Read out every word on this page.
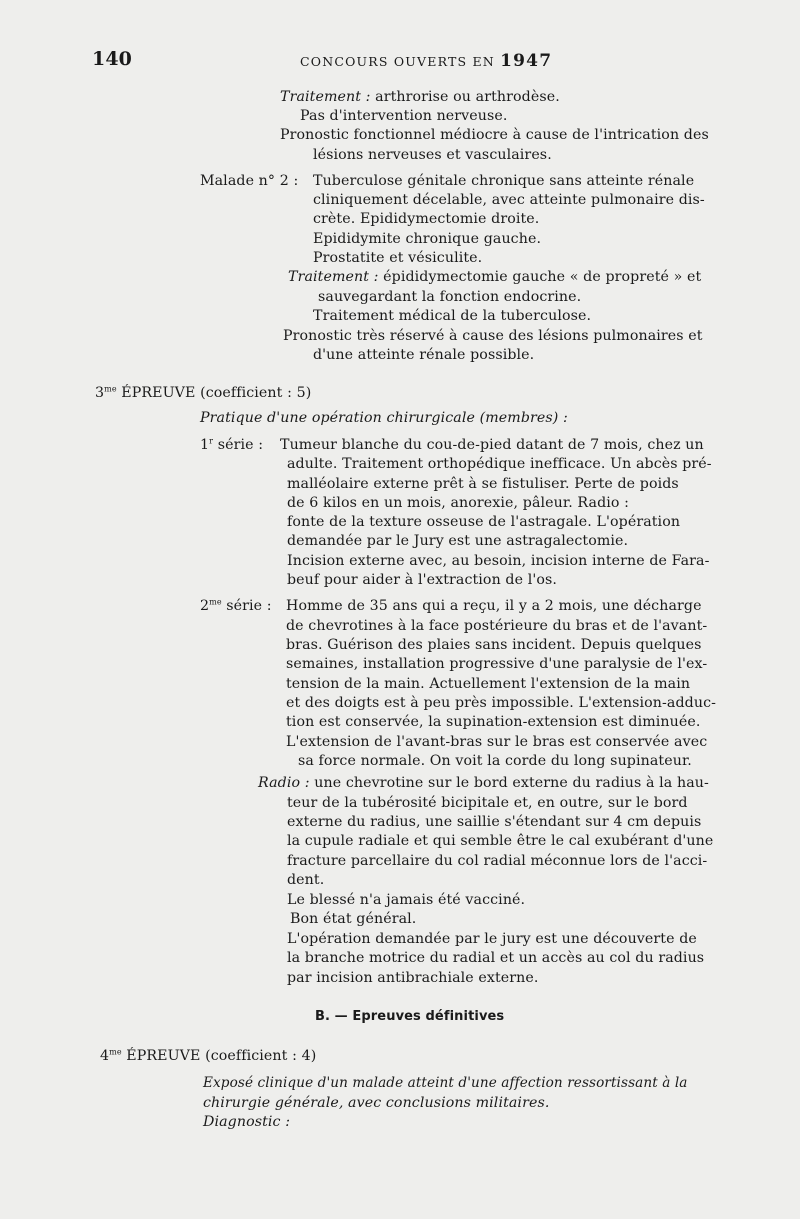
140	CONCOURS OUVERTS EN 1947
Traitement : arthrorise ou arthrodèse.
Pas d'intervention nerveuse.
Pronostic fonctionnel médiocre à cause de l'intrication des
lésions nerveuses et vasculaires.
Malade n° 2 : Tuberculose génitale chronique sans atteinte rénale
cliniquement décelable, avec atteinte pulmonaire dis-
crète. Epididymectomie droite.
Epididymite chronique gauche.
Prostatite et vésiculite.
Traitement : épididymectomie gauche « de propreté » et
sauvegardant la fonction endocrine.
Traitement médical de la tuberculose.
Pronostic très réservé à cause des lésions pulmonaires et
d'une atteinte rénale possible.
$3^{me}$ ÉPREUVE (coefficient : 5)
Pratique d'une opération chirurgicale (membres) :
1$^r$ série : Tumeur blanche du cou-de-pied datant de 7 mois, chez un
adulte. Traitement orthopédique inefficace. Un abcès pré-
malléolaire externe prêt à se fistuliser. Perte de poids
de 6 kilos en un mois, anorexie, pâleur. Radio :
fonte de la texture osseuse de l'astragale. L'opération
demandée par le Jury est une astragalectomie.
Incision externe avec, au besoin, incision interne de Fara-
beuf pour aider à l'extraction de l'os.
$2^{me}$ série : Homme de 35 ans qui a reçu, il y a 2 mois, une décharge
de chevrotines à la face postérieure du bras et de l'avant-
bras. Guérison des plaies sans incident. Depuis quelques
semaines, installation progressive d'une paralysie de l'ex-
tension de la main. Actuellement l'extension de la main
et des doigts est à peu près impossible. L'extension-adduc-
tion est conservée, la supination-extension est diminuée.
L'extension de l'avant-bras sur le bras est conservée avec
sa force normale. On voit la corde du long supinateur.
Radio : une chevrotine sur le bord externe du radius à la hau-
teur de la tubérosité bicipitale et, en outre, sur le bord
externe du radius, une saillie s'étendant sur 4 cm depuis
la cupule radiale et qui semble être le cal exubérant d'une
fracture parcellaire du col radial méconnue lors de l'acci-
dent.
Le blessé n'a jamais été vacciné.
Bon état général.
L'opération demandée par le jury est une découverte de
la branche motrice du radial et un accès au col du radius
par incision antibrachiale externe.
B. — Epreuves définitives
$4^{me}$ ÉPREUVE (coefficient : 4)
Exposé clinique d'un malade atteint d'une affection ressortissant à la
chirurgie générale, avec conclusions militaires.
Diagnostic :
